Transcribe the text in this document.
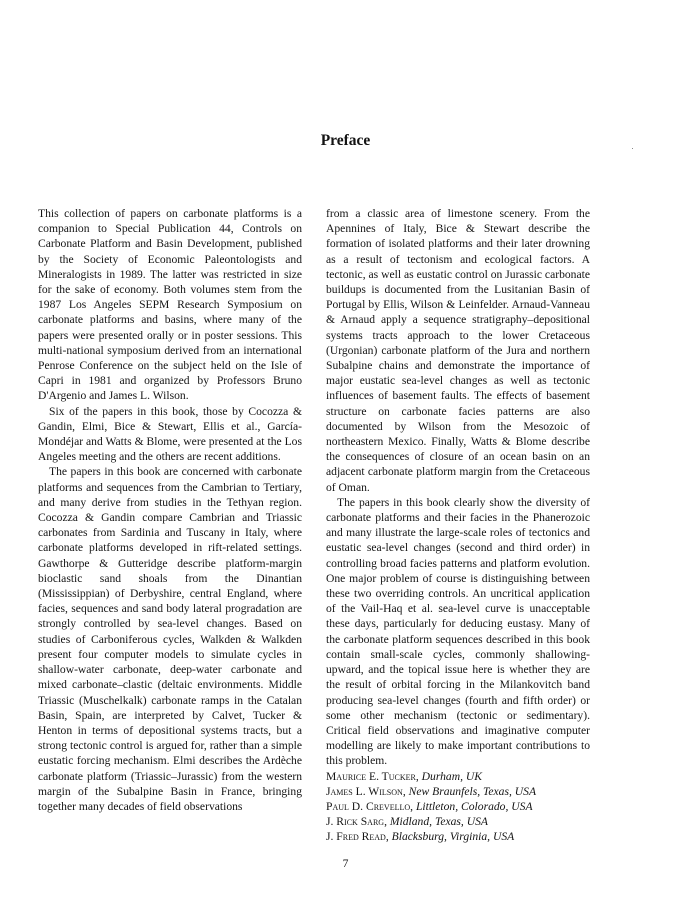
Preface

This collection of papers on carbonate platforms is a companion to Special Publication 44, Controls on Carbonate Platform and Basin Development, published by the Society of Economic Paleontologists and Mineralogists in 1989. The latter was restricted in size for the sake of economy. Both volumes stem from the 1987 Los Angeles SEPM Research Symposium on carbonate platforms and basins, where many of the papers were presented orally or in poster sessions. This multi-national symposium derived from an international Penrose Conference on the subject held on the Isle of Capri in 1981 and organized by Professors Bruno D'Argenio and James L. Wilson.

Six of the papers in this book, those by Cocozza & Gandin, Elmi, Bice & Stewart, Ellis et al., García-Mondéjar and Watts & Blome, were presented at the Los Angeles meeting and the others are recent additions.

The papers in this book are concerned with carbonate platforms and sequences from the Cambrian to Tertiary, and many derive from studies in the Tethyan region. Cocozza & Gandin compare Cambrian and Triassic carbonates from Sardinia and Tuscany in Italy, where carbonate platforms developed in rift-related settings. Gawthorpe & Gutteridge describe platform-margin bioclastic sand shoals from the Dinantian (Mississippian) of Derbyshire, central England, where facies, sequences and sand body lateral progradation are strongly controlled by sea-level changes. Based on studies of Carboniferous cycles, Walkden & Walkden present four computer models to simulate cycles in shallow-water carbonate, deep-water carbonate and mixed carbonate–clastic (deltaic environments. Middle Triassic (Muschelkalk) carbonate ramps in the Catalan Basin, Spain, are interpreted by Calvet, Tucker & Henton in terms of depositional systems tracts, but a strong tectonic control is argued for, rather than a simple eustatic forcing mechanism. Elmi describes the Ardèche carbonate platform (Triassic–Jurassic) from the western margin of the Subalpine Basin in France, bringing together many decades of field observations

from a classic area of limestone scenery. From the Apennines of Italy, Bice & Stewart describe the formation of isolated platforms and their later drowning as a result of tectonism and ecological factors. A tectonic, as well as eustatic control on Jurassic carbonate buildups is documented from the Lusitanian Basin of Portugal by Ellis, Wilson & Leinfelder. Arnaud-Vanneau & Arnaud apply a sequence stratigraphy–depositional systems tracts approach to the lower Cretaceous (Urgonian) carbonate platform of the Jura and northern Subalpine chains and demonstrate the importance of major eustatic sea-level changes as well as tectonic influences of basement faults. The effects of basement structure on carbonate facies patterns are also documented by Wilson from the Mesozoic of northeastern Mexico. Finally, Watts & Blome describe the consequences of closure of an ocean basin on an adjacent carbonate platform margin from the Cretaceous of Oman.

The papers in this book clearly show the diversity of carbonate platforms and their facies in the Phanerozoic and many illustrate the large-scale roles of tectonics and eustatic sea-level changes (second and third order) in controlling broad facies patterns and platform evolution. One major problem of course is distinguishing between these two overriding controls. An uncritical application of the Vail-Haq et al. sea-level curve is unacceptable these days, particularly for deducing eustasy. Many of the carbonate platform sequences described in this book contain small-scale cycles, commonly shallowing-upward, and the topical issue here is whether they are the result of orbital forcing in the Milankovitch band producing sea-level changes (fourth and fifth order) or some other mechanism (tectonic or sedimentary). Critical field observations and imaginative computer modelling are likely to make important contributions to this problem.

Maurice E. Tucker, Durham, UK

James L. Wilson, New Braunfels, Texas, USA

Paul D. Crevello, Littleton, Colorado, USA

J. Rick Sarg, Midland, Texas, USA

J. Fred Read, Blacksburg, Virginia, USA

7
